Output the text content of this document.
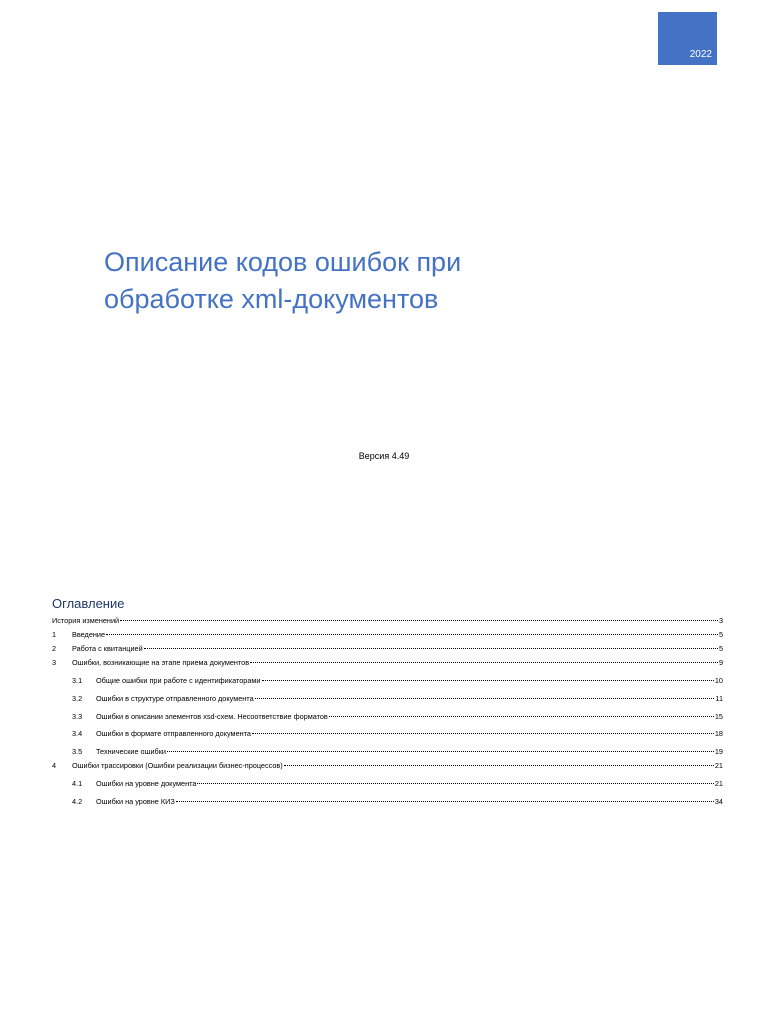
2022
Описание кодов ошибок при
обработке xml-документов
Версия 4.49
Оглавление
История изменений	3
1	Введение	5
2	Работа с квитанцией	5
3	Ошибки, возникающие на этапе приема документов	9
3.1	Общие ошибки при работе с идентификаторами	10
3.2	Ошибки в структуре отправленного документа	11
3.3	Ошибки в описании элементов xsd-схем. Несоответствие форматов	15
3.4	Ошибки в формате отправленного документа	18
3.5	Технические ошибки	19
4	Ошибки трассировки (Ошибки реализации бизнес-процессов)	21
4.1	Ошибки на уровне документа	21
4.2	Ошибки на уровне КИЗ	34
